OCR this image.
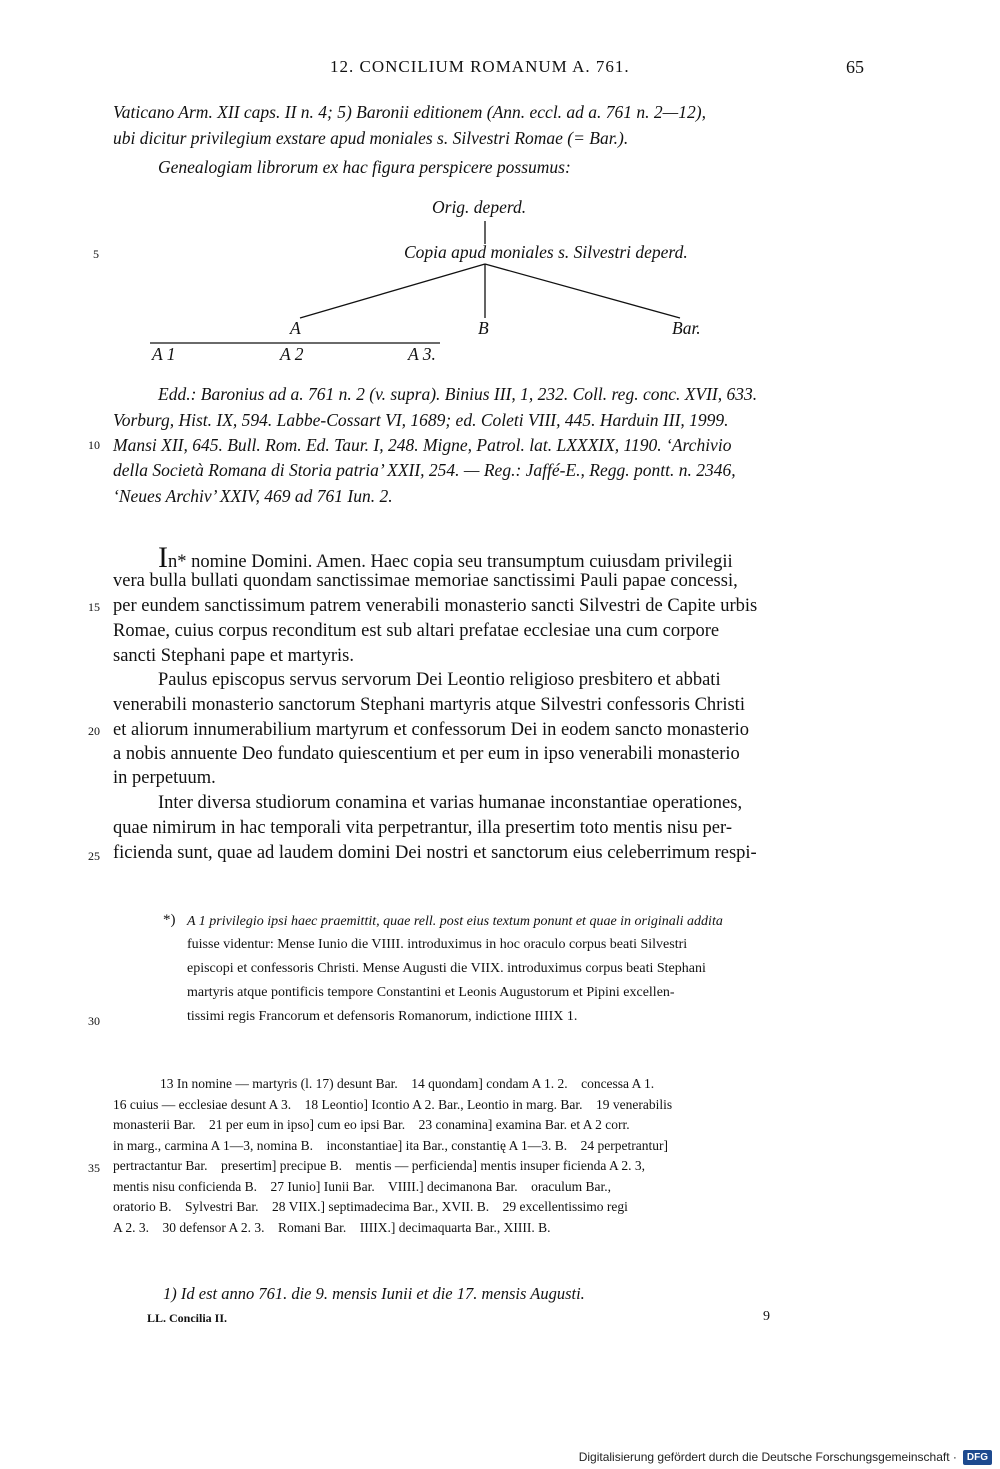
12. CONCILIUM ROMANUM A. 761.	65
Vaticano Arm. XII caps. II n. 4; 5) Baronii editionem (Ann. eccl. ad a. 761 n. 2—12),
ubi dicitur privilegium exstare apud moniales s. Silvestri Romae (= Bar.).
Genealogiam librorum ex hac figura perspicere possumus:
Orig. deperd.
Copia apud moniales s. Silvestri deperd.
A	B	Bar.
A 1	A 2	A 3.
5
10
15
20
25
30
35
Edd.: Baronius ad a. 761 n. 2 (v. supra). Binius III, 1, 232. Coll. reg. conc. XVII, 633.
Vorburg, Hist. IX, 594. Labbe-Cossart VI, 1689; ed. Coleti VIII, 445. Harduin III, 1999.
Mansi XII, 645. Bull. Rom. Ed. Taur. I, 248. Migne, Patrol. lat. LXXXIX, 1190. ‘Archivio
della Società Romana di Storia patria’ XXII, 254. — Reg.: Jaffé-E., Regg. pontt. n. 2346,
‘Neues Archiv’ XXIV, 469 ad 761 Iun. 2.
In* nomine Domini. Amen. Haec copia seu transumptum cuiusdam privilegii
vera bulla bullati quondam sanctissimae memoriae sanctissimi Pauli papae concessi,
per eundem sanctissimum patrem venerabili monasterio sancti Silvestri de Capite urbis
Romae, cuius corpus reconditum est sub altari prefatae ecclesiae una cum corpore
sancti Stephani pape et martyris.
Paulus episcopus servus servorum Dei Leontio religioso presbitero et abbati
venerabili monasterio sanctorum Stephani martyris atque Silvestri confessoris Christi
et aliorum innumerabilium martyrum et confessorum Dei in eodem sancto monasterio
a nobis annuente Deo fundato quiescentium et per eum in ipso venerabili monasterio
in perpetuum.
Inter diversa studiorum conamina et varias humanae inconstantiae operationes,
quae nimirum in hac temporali vita perpetrantur, illa presertim toto mentis nisu per-
ficienda sunt, quae ad laudem domini Dei nostri et sanctorum eius celeberrimum respi-
*) A 1 privilegio ipsi haec praemittit, quae rell. post eius textum ponunt et quae in originali addita
fuisse videntur: Mense Iunio die VIIII. introduximus in hoc oraculo corpus beati Silvestri
episcopi et confessoris Christi. Mense Augusti die VIIX. introduximus corpus beati Stephani
martyris atque pontificis tempore Constantini et Leonis Augustorum et Pipini excellen-
tissimi regis Francorum et defensoris Romanorum, indictione IIIIX 1.
13 In nomine — martyris (l. 17) desunt Bar.    14 quondam] condam A 1. 2.    concessa A 1.
16 cuius — ecclesiae desunt A 3.    18 Leontio] Icontio A 2. Bar., Leontio in marg. Bar.    19 venerabilis
monasterii Bar.    21 per eum in ipso] cum eo ipsi Bar.    23 conamina] examina Bar. et A 2 corr.
in marg., carmina A 1—3, nomina B.    inconstantiae] ita Bar., constantię A 1—3. B.    24 perpetrantur]
pertractantur Bar.    presertim] precipue B.    mentis — perficienda] mentis insuper ficienda A 2. 3,
mentis nisu conficienda B.    27 Iunio] Iunii Bar.    VIIII.] decimanona Bar.    oraculum Bar.,
oratorio B.    Sylvestri Bar.    28 VIIX.] septimadecima Bar., XVII. B.    29 excellentissimo regi
A 2. 3.    30 defensor A 2. 3.    Romani Bar.    IIIIX.] decimaquarta Bar., XIIII. B.
1) Id est anno 761. die 9. mensis Iunii et die 17. mensis Augusti.
LL. Concilia II.	9
Digitalisierung gefördert durch die Deutsche Forschungsgemeinschaft ·	DFG
